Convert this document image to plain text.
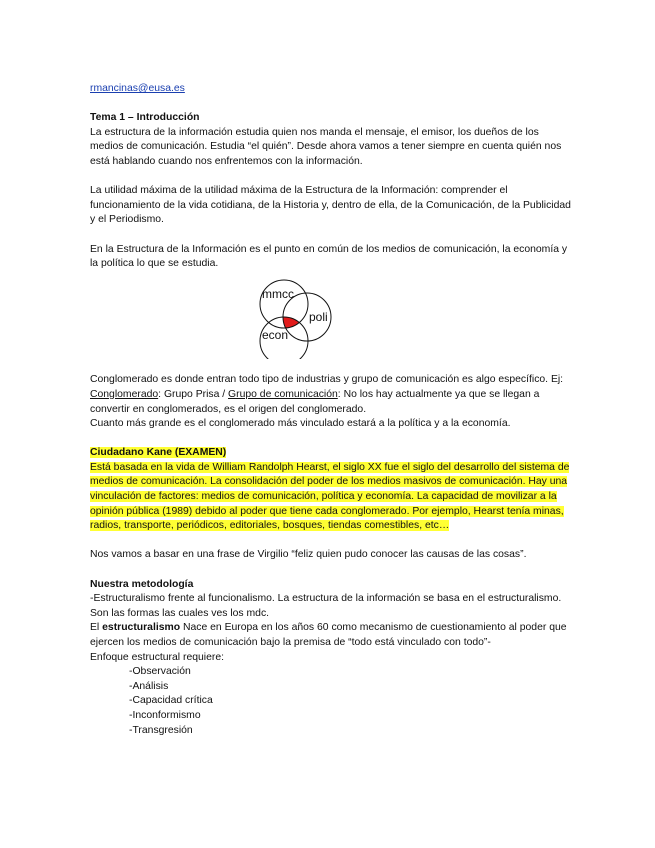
rmancinas@eusa.es

Tema 1 – Introducción

La estructura de la información estudia quien nos manda el mensaje, el emisor, los dueños de los medios de comunicación. Estudia “el quién”. Desde ahora vamos a tener siempre en cuenta quién nos está hablando cuando nos enfrentemos con la información.

La utilidad máxima de la utilidad máxima de la Estructura de la Información: comprender el funcionamiento de la vida cotidiana, de la Historia y, dentro de ella, de la Comunicación, de la Publicidad y el Periodismo.

En la Estructura de la Información es el punto en común de los medios de comunicación, la economía y la política lo que se estudia.

mmcc
poli
econ

Conglomerado es donde entran todo tipo de industrias y grupo de comunicación es algo específico. Ej: Conglomerado: Grupo Prisa / Grupo de comunicación: No los hay actualmente ya que se llegan a convertir en conglomerados, es el origen del conglomerado.

Cuanto más grande es el conglomerado más vinculado estará a la política y a la economía.

Ciudadano Kane (EXAMEN)

Está basada en la vida de William Randolph Hearst, el siglo XX fue el siglo del desarrollo del sistema de medios de comunicación. La consolidación del poder de los medios masivos de comunicación. Hay una vinculación de factores: medios de comunicación, política y economía. La capacidad de movilizar a la opinión pública (1989) debido al poder que tiene cada conglomerado. Por ejemplo, Hearst tenía minas, radios, transporte, periódicos, editoriales, bosques, tiendas comestibles, etc…

Nos vamos a basar en una frase de Virgilio “feliz quien pudo conocer las causas de las cosas”.

Nuestra metodología

-Estructuralismo frente al funcionalismo. La estructura de la información se basa en el estructuralismo. Son las formas las cuales ves los mdc.

El estructuralismo Nace en Europa en los años 60 como mecanismo de cuestionamiento al poder que ejercen los medios de comunicación bajo la premisa de “todo está vinculado con todo”-

Enfoque estructural requiere:

-Observación
-Análisis
-Capacidad crítica
-Inconformismo
-Transgresión
